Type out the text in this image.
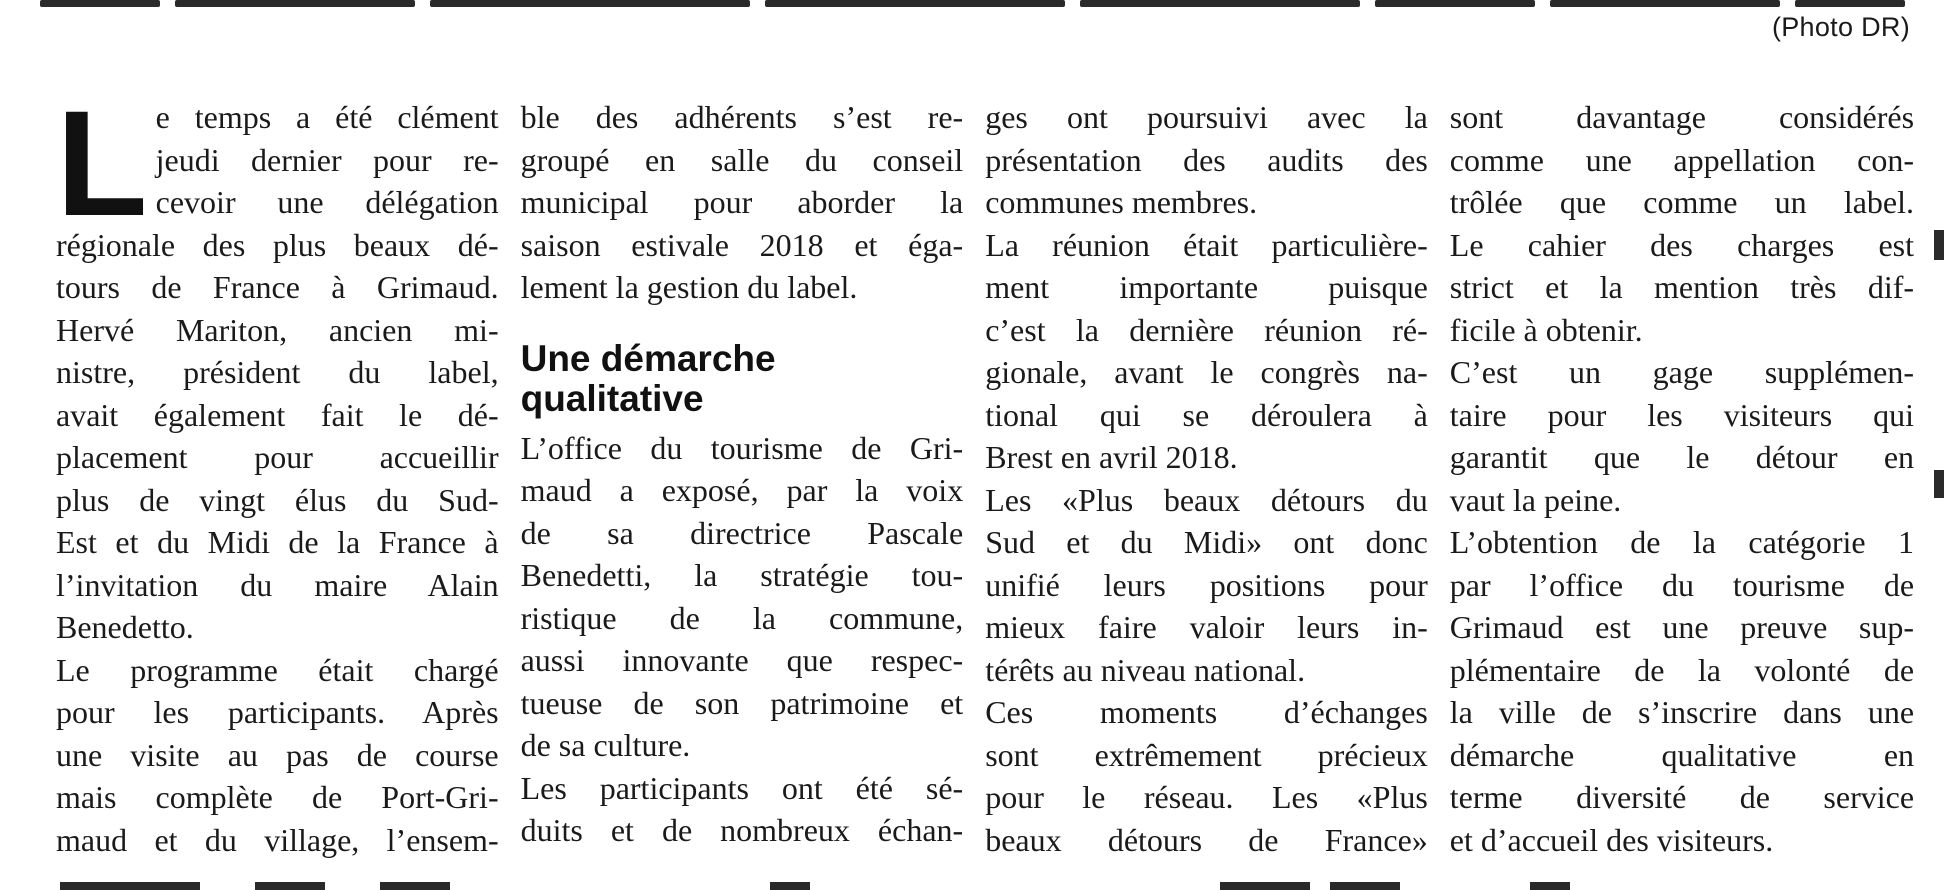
(Photo DR)
L e temps a été clément
jeudi dernier pour re-
cevoir une délégation
régionale des plus beaux dé-
tours de France à Grimaud.
Hervé Mariton, ancien mi-
nistre, président du label,
avait également fait le dé-
placement pour accueillir
plus de vingt élus du Sud-
Est et du Midi de la France à
l’invitation du maire Alain
Benedetto.
Le programme était chargé
pour les participants. Après
une visite au pas de course
mais complète de Port-Gri-
maud et du village, l’ensem-
ble des adhérents s’est re-
groupé en salle du conseil
municipal pour aborder la
saison estivale 2018 et éga-
lement la gestion du label.
Une démarche
qualitative
L’office du tourisme de Gri-
maud a exposé, par la voix
de sa directrice Pascale
Benedetti, la stratégie tou-
ristique de la commune,
aussi innovante que respec-
tueuse de son patrimoine et
de sa culture.
Les participants ont été sé-
duits et de nombreux échan-
ges ont poursuivi avec la
présentation des audits des
communes membres.
La réunion était particulière-
ment importante puisque
c’est la dernière réunion ré-
gionale, avant le congrès na-
tional qui se déroulera à
Brest en avril 2018.
Les «Plus beaux détours du
Sud et du Midi» ont donc
unifié leurs positions pour
mieux faire valoir leurs in-
térêts au niveau national.
Ces moments d’échanges
sont extrêmement précieux
pour le réseau. Les «Plus
beaux détours de France»
sont davantage considérés
comme une appellation con-
trôlée que comme un label.
Le cahier des charges est
strict et la mention très dif-
ficile à obtenir.
C’est un gage supplémen-
taire pour les visiteurs qui
garantit que le détour en
vaut la peine.
L’obtention de la catégorie 1
par l’office du tourisme de
Grimaud est une preuve sup-
plémentaire de la volonté de
la ville de s’inscrire dans une
démarche qualitative en
terme diversité de service
et d’accueil des visiteurs.
